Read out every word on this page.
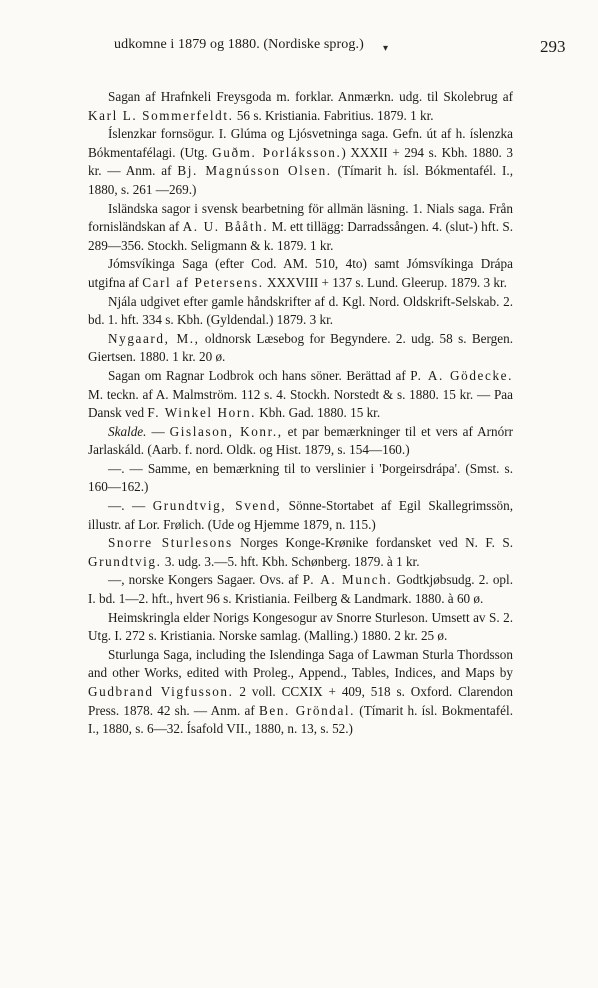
▾
udkomne i 1879 og 1880. (Nordiske sprog.)	293

Sagan af Hrafnkeli Freysgoda m. forklar. Anmærkn. udg. til Skolebrug af Karl L. Sommerfeldt. 56 s. Kristiania. Fabritius. 1879. 1 kr.

Íslenzkar fornsögur. I. Glúma og Ljósvetninga saga. Gefn. út af h. íslenzka Bókmentafélagi. (Utg. Guðm. Þorláksson.) XXXII + 294 s. Kbh. 1880. 3 kr. — Anm. af Bj. Magnússon Olsen. (Tímarit h. ísl. Bókmentafél. I., 1880, s. 261 —269.)

Isländska sagor i svensk bearbetning för allmän läsning. 1. Nials saga. Från fornisländskan af A. U. Bååth. M. ett tillägg: Darradssången. 4. (slut-) hft. S. 289—356. Stockh. Seligmann & k. 1879. 1 kr.

Jómsvíkinga Saga (efter Cod. AM. 510, 4to) samt Jómsvíkinga Drápa utgifna af Carl af Petersens. XXXVIII + 137 s. Lund. Gleerup. 1879. 3 kr.

Njála udgivet efter gamle håndskrifter af d. Kgl. Nord. Oldskrift-Selskab. 2. bd. 1. hft. 334 s. Kbh. (Gyldendal.) 1879. 3 kr.

Nygaard, M., oldnorsk Læsebog for Begyndere. 2. udg. 58 s. Bergen. Giertsen. 1880. 1 kr. 20 ø.

Sagan om Ragnar Lodbrok och hans söner. Berättad af P. A. Gödecke. M. teckn. af A. Malmström. 112 s. 4. Stockh. Norstedt & s. 1880. 15 kr. — Paa Dansk ved F. Winkel Horn. Kbh. Gad. 1880. 15 kr.

Skalde. — Gislason, Konr., et par bemærkninger til et vers af Arnórr Jarlaskáld. (Aarb. f. nord. Oldk. og Hist. 1879, s. 154—160.)

—. — Samme, en bemærkning til to verslinier i 'Þorgeirsdrápa'. (Smst. s. 160—162.)

—. — Grundtvig, Svend, Sönne-Stortabet af Egil Skallegrimssön, illustr. af Lor. Frølich. (Ude og Hjemme 1879, n. 115.)

Snorre Sturlesons Norges Konge-Krønike fordansket ved N. F. S. Grundtvig. 3. udg. 3.—5. hft. Kbh. Schønberg. 1879. à 1 kr.

—, norske Kongers Sagaer. Ovs. af P. A. Munch. Godtkjøbsudg. 2. opl. I. bd. 1—2. hft., hvert 96 s. Kristiania. Feilberg & Landmark. 1880. à 60 ø.

Heimskringla elder Norigs Kongesogur av Snorre Sturleson. Umsett av S. 2. Utg. I. 272 s. Kristiania. Norske samlag. (Malling.) 1880. 2 kr. 25 ø.

Sturlunga Saga, including the Islendinga Saga of Lawman Sturla Thordsson and other Works, edited with Proleg., Append., Tables, Indices, and Maps by Gudbrand Vigfusson. 2 voll. CCXIX + 409, 518 s. Oxford. Clarendon Press. 1878. 42 sh. — Anm. af Ben. Gröndal. (Tímarit h. ísl. Bokmentafél. I., 1880, s. 6—32. Ísafold VII., 1880, n. 13, s. 52.)
